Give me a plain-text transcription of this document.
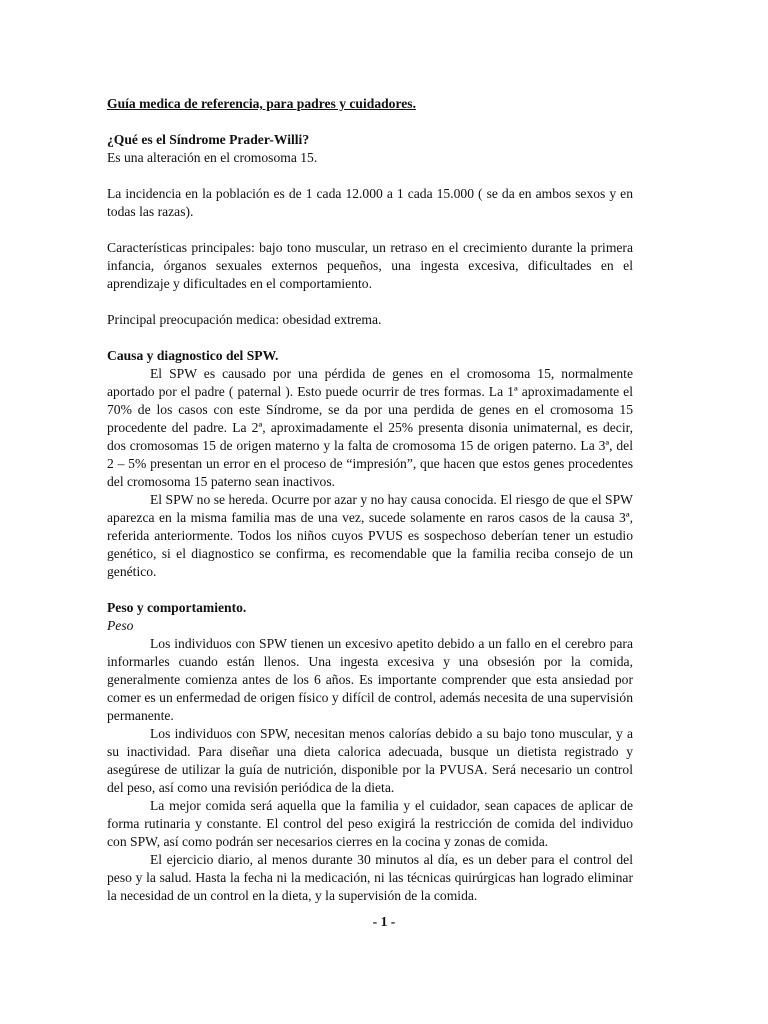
Guía medica de referencia, para padres y cuidadores.

¿Qué es el Síndrome Prader-Willi?

Es una alteración en el cromosoma 15.

La incidencia en la población es de 1 cada 12.000 a 1 cada 15.000 ( se da en ambos sexos y en todas las razas).

Características principales: bajo tono muscular, un retraso en el crecimiento durante la primera infancia, órganos sexuales externos pequeños, una ingesta excesiva, dificultades en el aprendizaje y dificultades en el comportamiento.

Principal preocupación medica: obesidad extrema.

Causa y diagnostico del SPW.

El SPW es causado por una pérdida de genes en el cromosoma 15, normalmente aportado por el padre ( paternal ). Esto puede ocurrir de tres formas. La 1ª aproximadamente el 70% de los casos con este Síndrome, se da por una perdida de genes en el cromosoma 15 procedente del padre. La 2ª, aproximadamente el 25% presenta disonia unimaternal, es decir, dos cromosomas 15 de origen materno y la falta de cromosoma 15 de origen paterno. La 3ª, del 2 – 5% presentan un error en el proceso de “impresión”, que hacen que estos genes procedentes del cromosoma 15 paterno sean inactivos.

El SPW no se hereda. Ocurre por azar y no hay causa conocida. El riesgo de que el SPW aparezca en la misma familia mas de una vez, sucede solamente en raros casos de la causa 3ª, referida anteriormente. Todos los niños cuyos PVUS es sospechoso deberían tener un estudio genético, si el diagnostico se confirma, es recomendable que la familia reciba consejo de un genético.

Peso y comportamiento.

Peso

Los individuos con SPW tienen un excesivo apetito debido a un fallo en el cerebro para informarles cuando están llenos. Una ingesta excesiva y una obsesión por la comida, generalmente comienza antes de los 6 años. Es importante comprender que esta ansiedad por comer es un enfermedad de origen físico y difícil de control, además necesita de una supervisión permanente.

Los individuos con SPW, necesitan menos calorías debido a su bajo tono muscular, y a su inactividad. Para diseñar una dieta calorica adecuada, busque un dietista registrado y asegúrese de utilizar la guía de nutrición, disponible por la PVUSA. Será necesario un control del peso, así como una revisión periódica de la dieta.

La mejor comida será aquella que la familia y el cuidador, sean capaces de aplicar de forma rutinaria y constante. El control del peso exigirá la restricción de comida del individuo con SPW, así como podrán ser necesarios cierres en la cocina y zonas de comida.

El ejercicio diario, al menos durante 30 minutos al día, es un deber para el control del peso y la salud. Hasta la fecha ni la medicación, ni las técnicas quirúrgicas han logrado eliminar la necesidad de un control en la dieta, y la supervisión de la comida.

- 1 -
